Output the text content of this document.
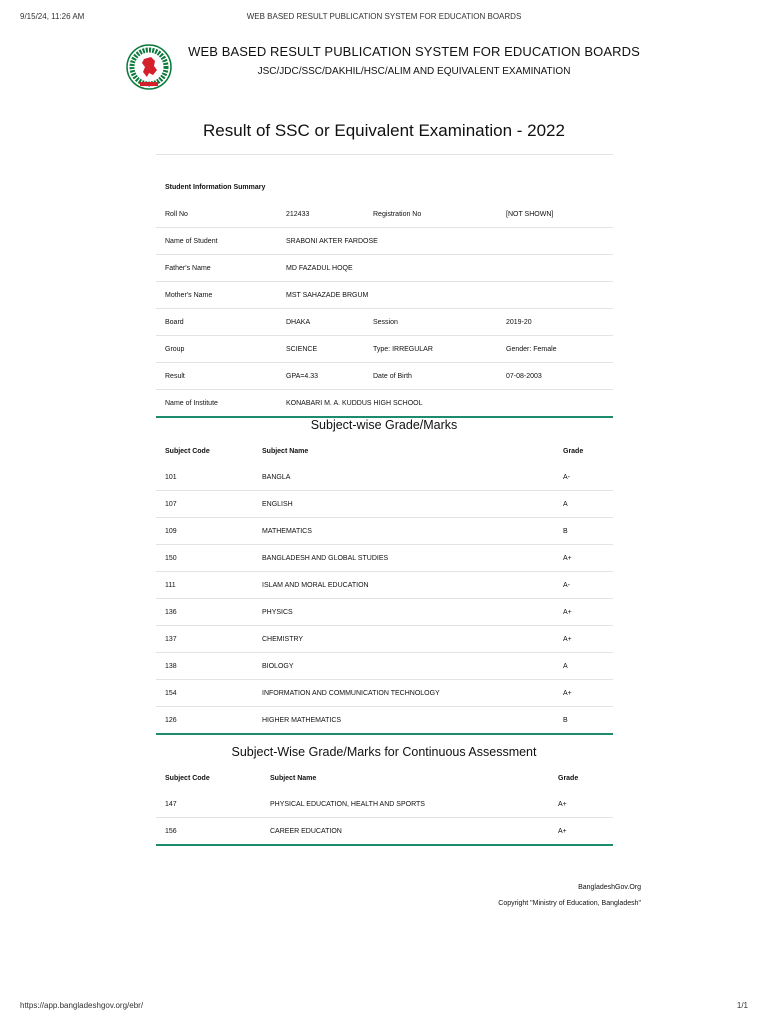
9/15/24, 11:26 AM	WEB BASED RESULT PUBLICATION SYSTEM FOR EDUCATION BOARDS
WEB BASED RESULT PUBLICATION SYSTEM FOR EDUCATION BOARDS
JSC/JDC/SSC/DAKHIL/HSC/ALIM AND EQUIVALENT EXAMINATION
Result of SSC or Equivalent Examination - 2022
Student Information Summary
Roll No	212433	Registration No	[NOT SHOWN]
Name of Student	SRABONI AKTER FARDOSE
Father's Name	MD FAZADUL HOQE
Mother's Name	MST SAHAZADE BRGUM
Board	DHAKA	Session	2019-20
Group	SCIENCE	Type: IRREGULAR	Gender: Female
Result	GPA=4.33	Date of Birth	07-08-2003
Name of Institute	KONABARI M. A. KUDDUS HIGH SCHOOL
Subject-wise Grade/Marks
Subject Code	Subject Name	Grade
101	BANGLA	A-
107	ENGLISH	A
109	MATHEMATICS	B
150	BANGLADESH AND GLOBAL STUDIES	A+
111	ISLAM AND MORAL EDUCATION	A-
136	PHYSICS	A+
137	CHEMISTRY	A+
138	BIOLOGY	A
154	INFORMATION AND COMMUNICATION TECHNOLOGY	A+
126	HIGHER MATHEMATICS	B
Subject-Wise Grade/Marks for Continuous Assessment
Subject Code	Subject Name	Grade
147	PHYSICAL EDUCATION, HEALTH AND SPORTS	A+
156	CAREER EDUCATION	A+
BangladeshGov.Org
Copyright "Ministry of Education, Bangladesh"
https://app.bangladeshgov.org/ebr/	1/1
